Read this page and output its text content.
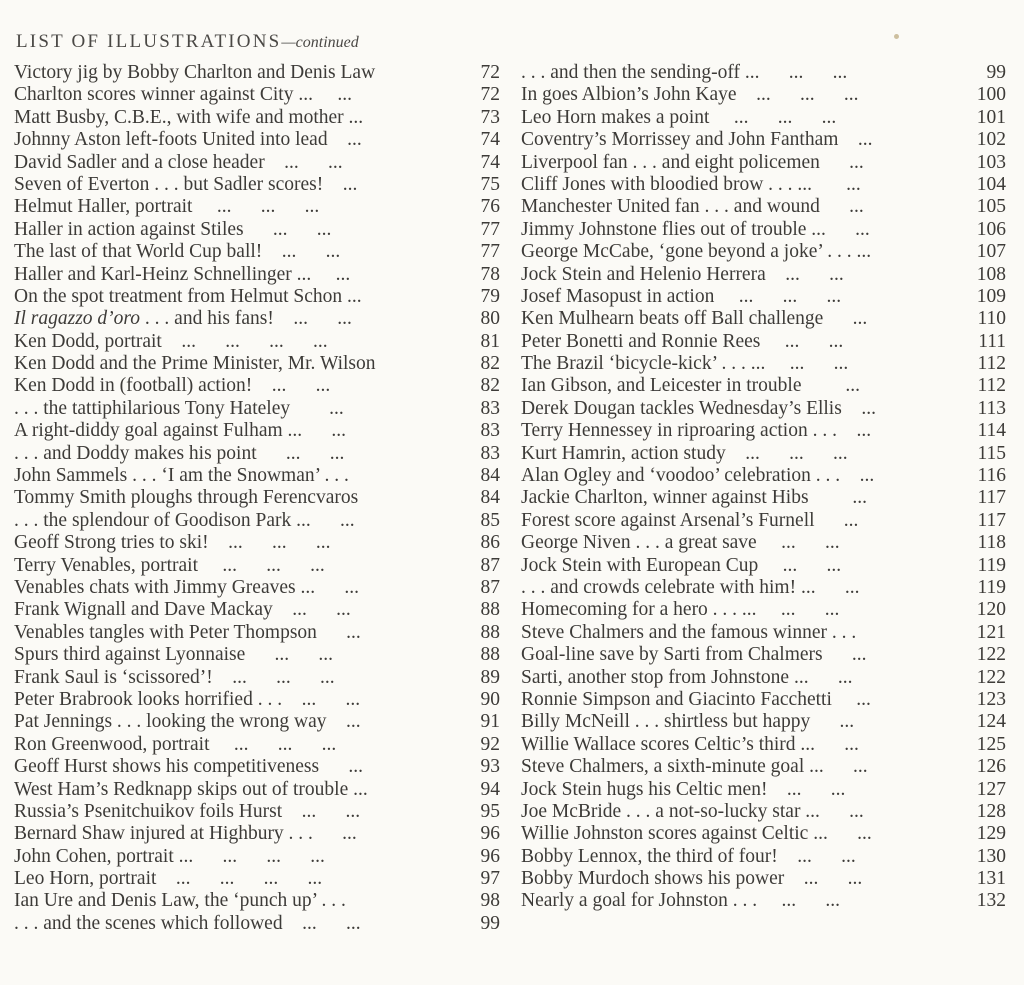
LIST OF ILLUSTRATIONS—continued
Victory jig by Bobby Charlton and Denis Law	72
Charlton scores winner against City ...     ...	72
Matt Busby, C.B.E., with wife and mother ...	73
Johnny Aston left-foots United into lead    ...	74
David Sadler and a close header    ...      ...	74
Seven of Everton . . . but Sadler scores!    ...	75
Helmut Haller, portrait     ...      ...      ...	76
Haller in action against Stiles      ...      ...	77
The last of that World Cup ball!    ...      ...	77
Haller and Karl-Heinz Schnellinger ...     ...	78
On the spot treatment from Helmut Schon ...	79
Il ragazzo d’oro . . . and his fans!    ...      ...	80
Ken Dodd, portrait    ...      ...      ...      ...	81
Ken Dodd and the Prime Minister, Mr. Wilson	82
Ken Dodd in (football) action!    ...      ...	82
. . . the tattiphilarious Tony Hateley        ...	83
A right-diddy goal against Fulham ...      ...	83
. . . and Doddy makes his point      ...      ...	83
John Sammels . . . ‘I am the Snowman’ . . .	84
Tommy Smith ploughs through Ferencvaros	84
. . . the splendour of Goodison Park ...      ...	85
Geoff Strong tries to ski!    ...      ...      ...	86
Terry Venables, portrait     ...      ...      ...	87
Venables chats with Jimmy Greaves ...      ...	87
Frank Wignall and Dave Mackay    ...      ...	88
Venables tangles with Peter Thompson      ...	88
Spurs third against Lyonnaise      ...      ...	88
Frank Saul is ‘scissored’!    ...      ...      ...	89
Peter Brabrook looks horrified . . .    ...      ...	90
Pat Jennings . . . looking the wrong way    ...	91
Ron Greenwood, portrait     ...      ...      ...	92
Geoff Hurst shows his competitiveness      ...	93
West Ham’s Redknapp skips out of trouble ...	94
Russia’s Psenitchuikov foils Hurst    ...      ...	95
Bernard Shaw injured at Highbury . . .      ...	96
John Cohen, portrait ...      ...      ...      ...	96
Leo Horn, portrait    ...      ...      ...      ...	97
Ian Ure and Denis Law, the ‘punch up’ . . .	98
. . . and the scenes which followed    ...      ...	99
. . . and then the sending-off ...      ...      ...	99
In goes Albion’s John Kaye    ...      ...      ...	100
Leo Horn makes a point     ...      ...      ...	101
Coventry’s Morrissey and John Fantham    ...	102
Liverpool fan . . . and eight policemen      ...	103
Cliff Jones with bloodied brow . . . ...       ...	104
Manchester United fan . . . and wound      ...	105
Jimmy Johnstone flies out of trouble ...      ...	106
George McCabe, ‘gone beyond a joke’ . . . ...	107
Jock Stein and Helenio Herrera    ...      ...	108
Josef Masopust in action     ...      ...      ...	109
Ken Mulhearn beats off Ball challenge      ...	110
Peter Bonetti and Ronnie Rees     ...      ...	111
The Brazil ‘bicycle-kick’ . . . ...     ...      ...	112
Ian Gibson, and Leicester in trouble         ...	112
Derek Dougan tackles Wednesday’s Ellis    ...	113
Terry Hennessey in riproaring action . . .    ...	114
Kurt Hamrin, action study    ...      ...      ...	115
Alan Ogley and ‘voodoo’ celebration . . .    ...	116
Jackie Charlton, winner against Hibs         ...	117
Forest score against Arsenal’s Furnell      ...	117
George Niven . . . a great save     ...      ...	118
Jock Stein with European Cup     ...      ...	119
. . . and crowds celebrate with him! ...      ...	119
Homecoming for a hero . . . ...     ...      ...	120
Steve Chalmers and the famous winner . . .	121
Goal-line save by Sarti from Chalmers      ...	122
Sarti, another stop from Johnstone ...      ...	122
Ronnie Simpson and Giacinto Facchetti     ...	123
Billy McNeill . . . shirtless but happy      ...	124
Willie Wallace scores Celtic’s third ...      ...	125
Steve Chalmers, a sixth-minute goal ...      ...	126
Jock Stein hugs his Celtic men!    ...      ...	127
Joe McBride . . . a not-so-lucky star ...      ...	128
Willie Johnston scores against Celtic ...      ...	129
Bobby Lennox, the third of four!    ...      ...	130
Bobby Murdoch shows his power    ...      ...	131
Nearly a goal for Johnston . . .     ...      ...	132
